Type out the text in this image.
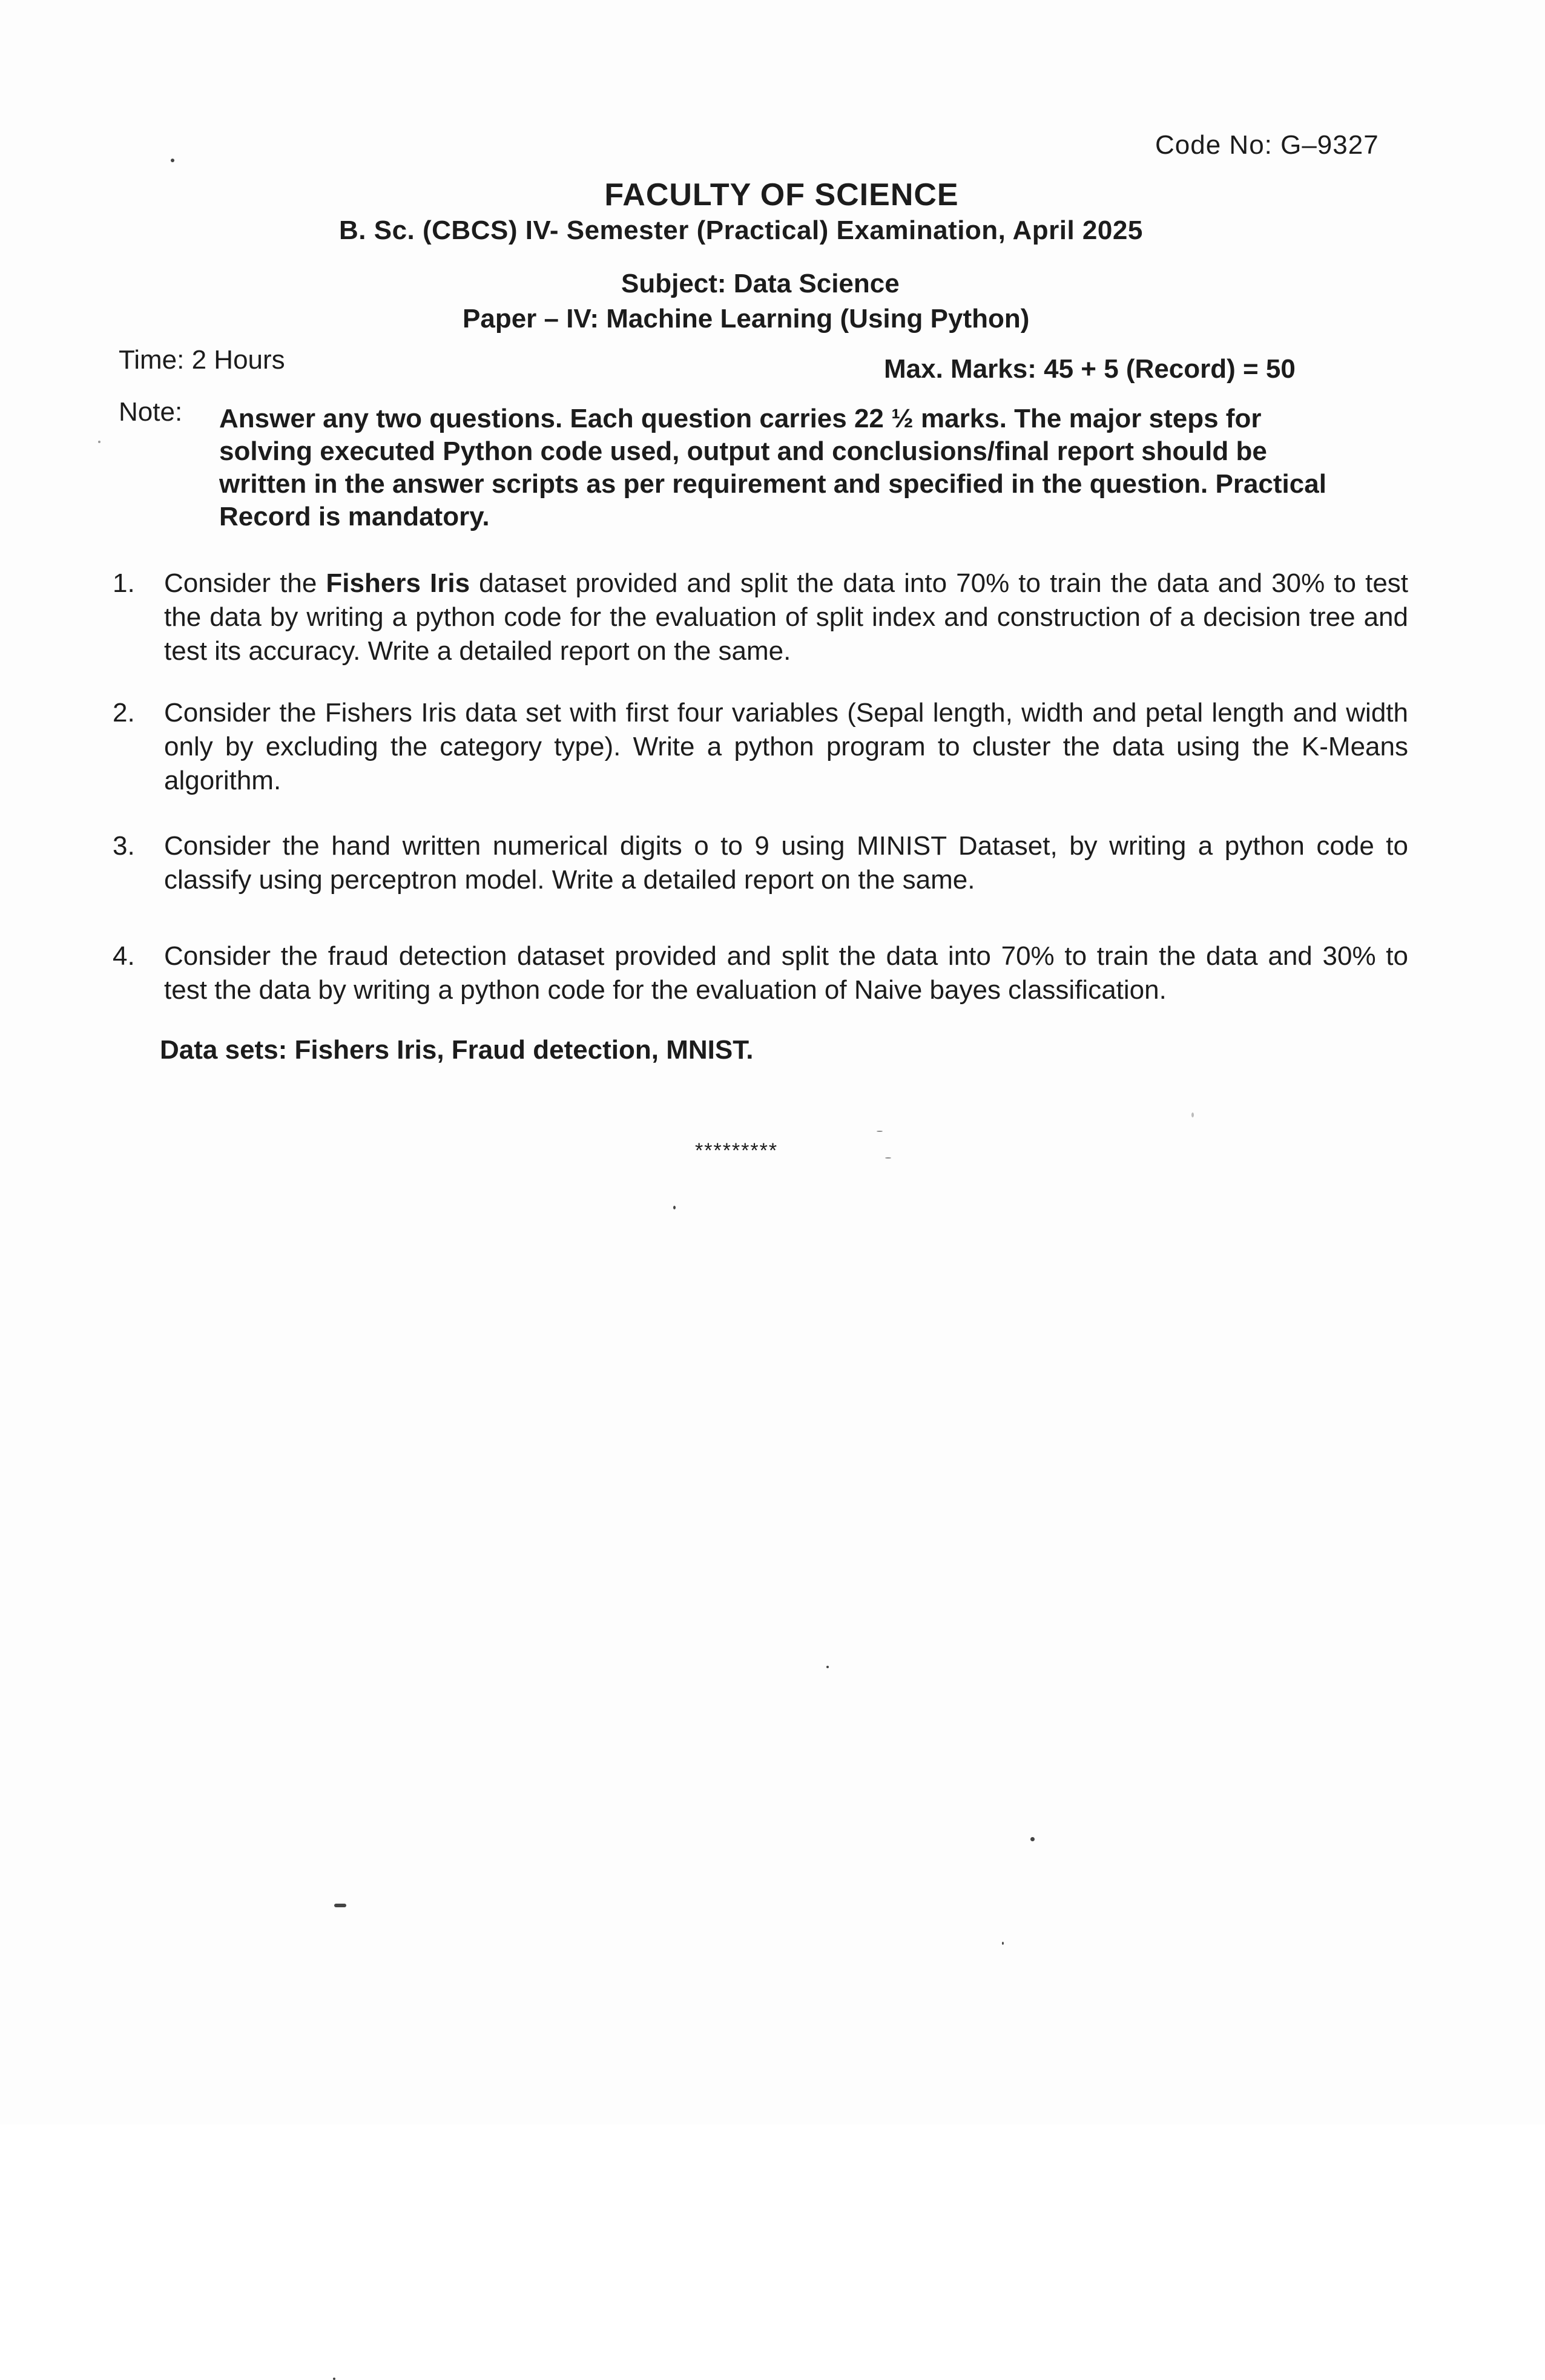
Code No: G–9327
FACULTY OF SCIENCE
B. Sc. (CBCS) IV- Semester (Practical) Examination, April 2025
Subject: Data Science
Paper – IV: Machine Learning (Using Python)
Time: 2 Hours	Max. Marks: 45 + 5 (Record) = 50
Note: Answer any two questions. Each question carries 22 ½ marks. The major steps for solving executed Python code used, output and conclusions/final report should be written in the answer scripts as per requirement and specified in the question. Practical Record is mandatory.
1.	Consider the Fishers Iris dataset provided and split the data into 70% to train the data and 30% to test the data by writing a python code for the evaluation of split index and construction of a decision tree and test its accuracy. Write a detailed report on the same.
2.	Consider the Fishers Iris data set with first four variables (Sepal length, width and petal length and width only by excluding the category type). Write a python program to cluster the data using the K-Means algorithm.
3.	Consider the hand written numerical digits o to 9 using MINIST Dataset, by writing a python code to classify using perceptron model. Write a detailed report on the same.
4.	Consider the fraud detection dataset provided and split the data into 70% to train the data and 30% to test the data by writing a python code for the evaluation of Naive bayes classification.
Data sets: Fishers Iris, Fraud detection, MNIST.
*********
